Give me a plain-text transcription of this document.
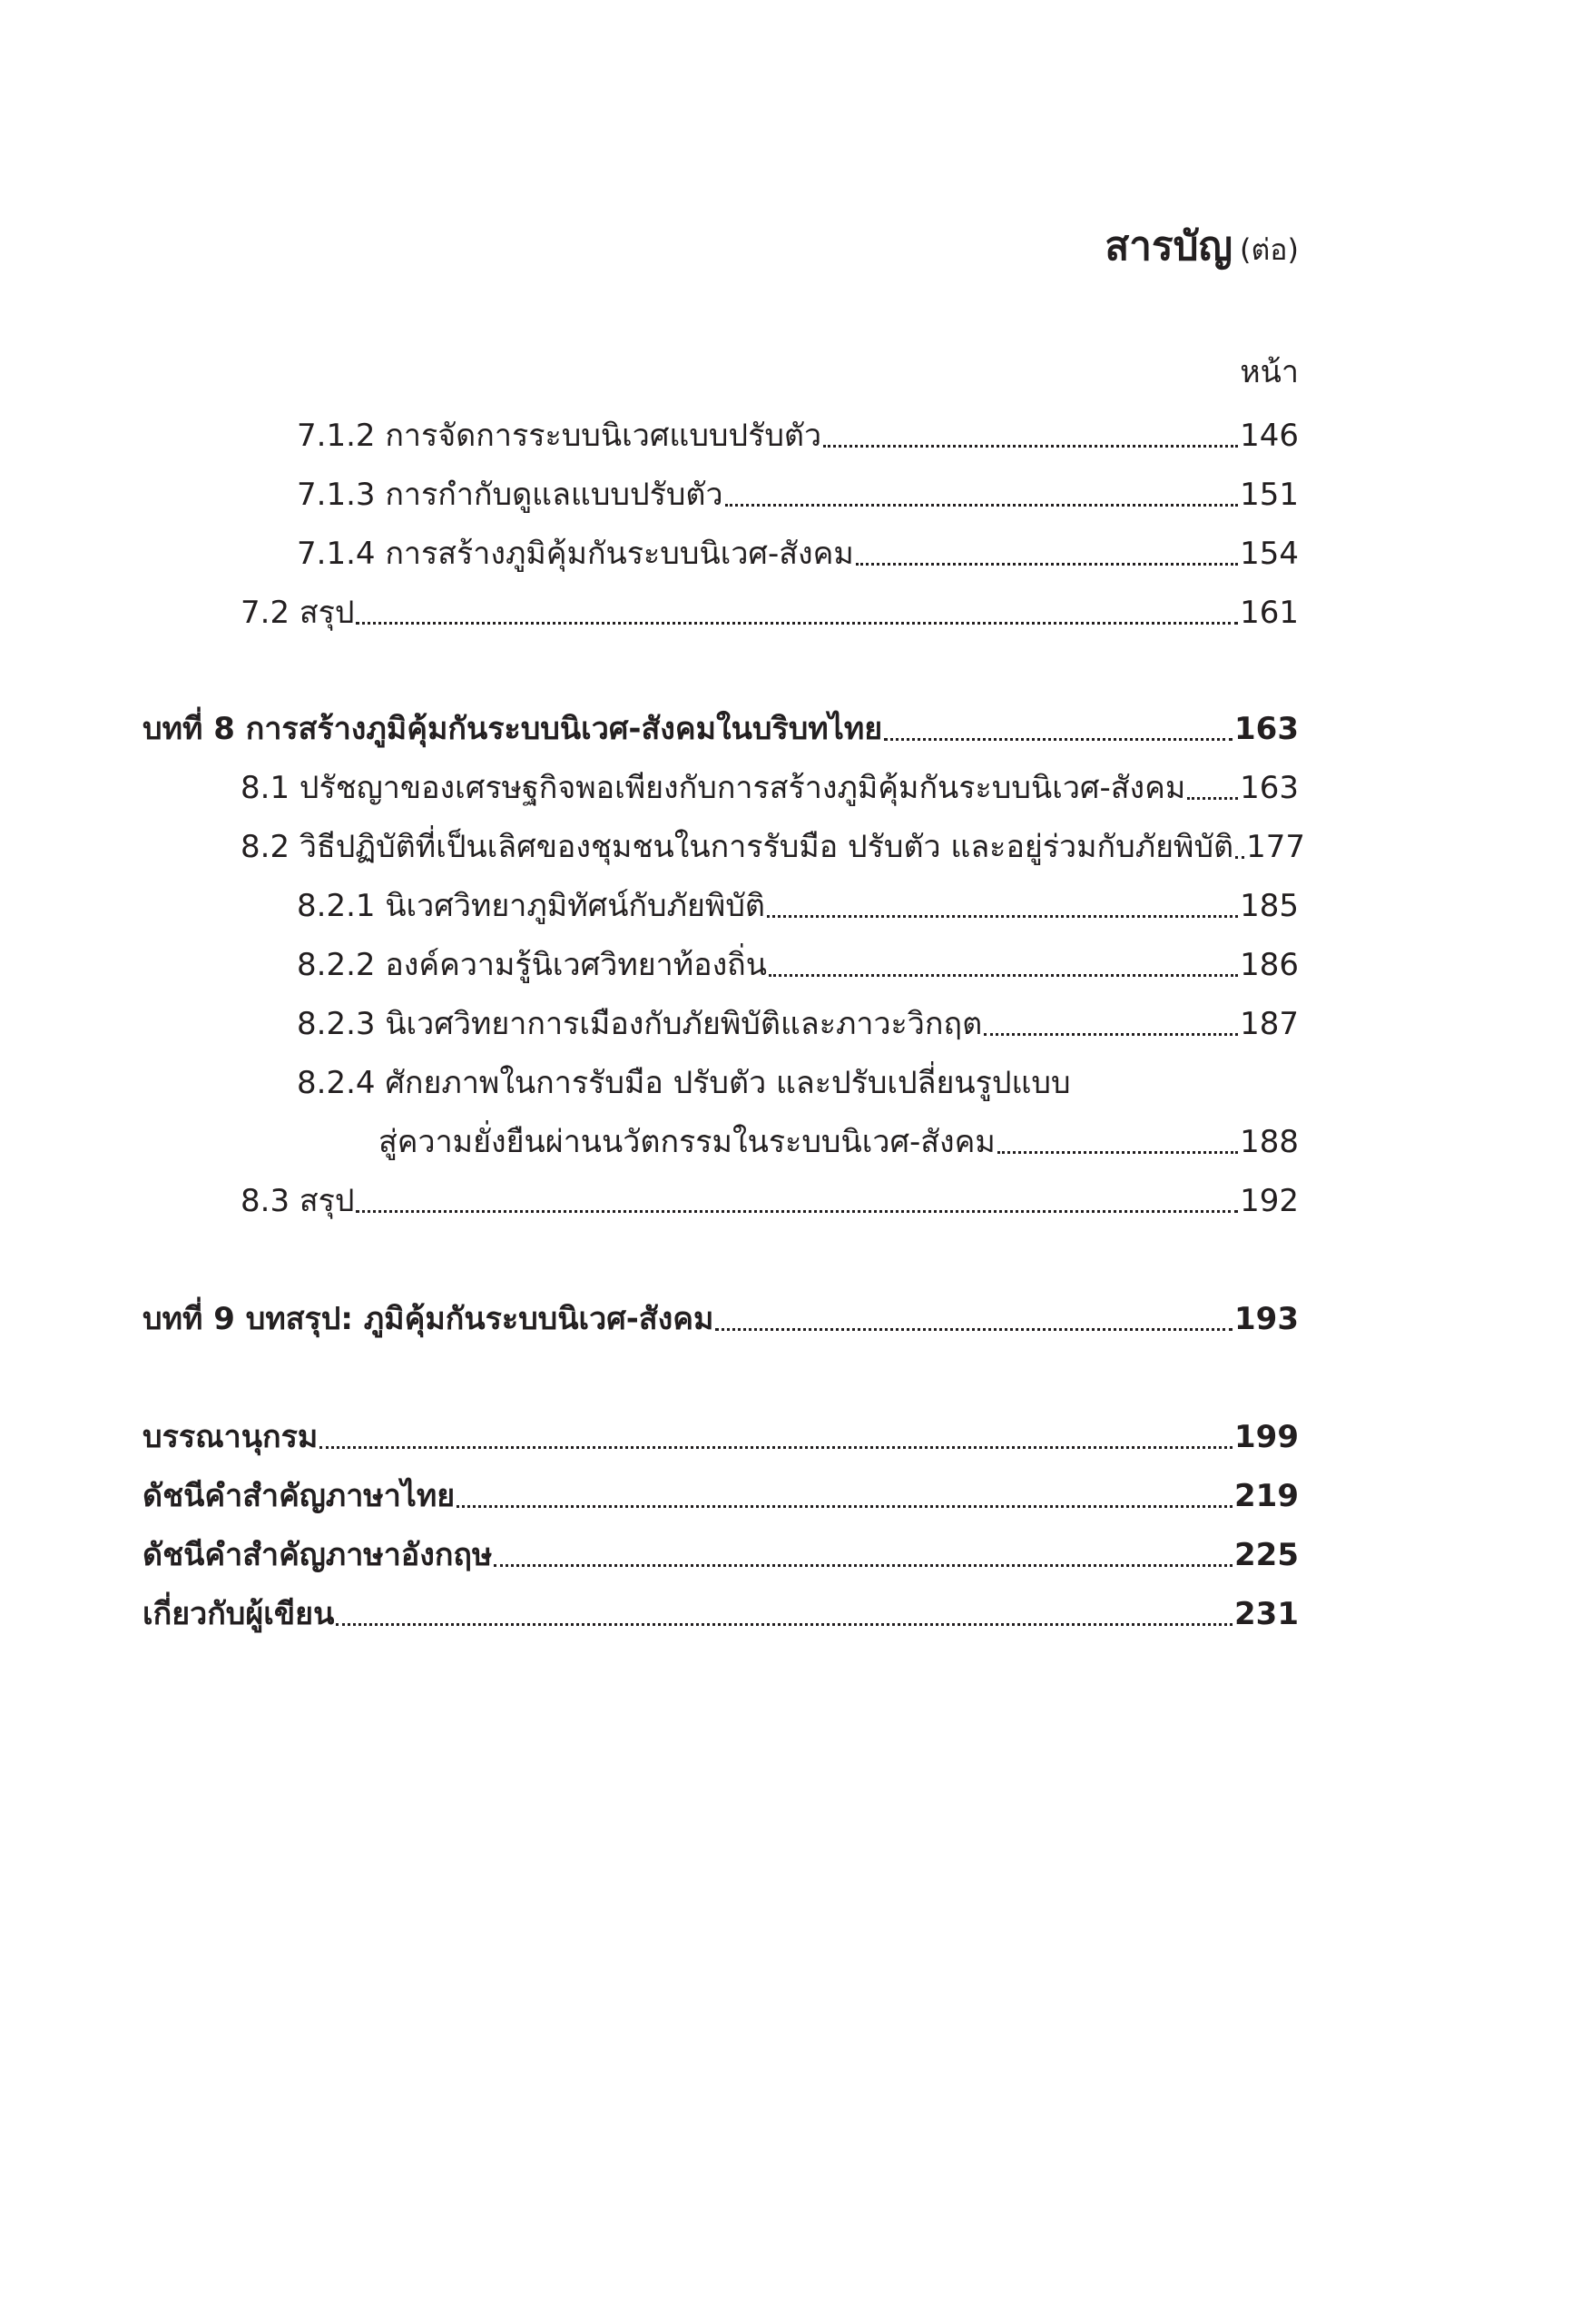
สารบัญ (ต่อ)
หน้า
7.1.2 การจัดการระบบนิเวศแบบปรับตัว	146
7.1.3 การกำกับดูแลแบบปรับตัว	151
7.1.4 การสร้างภูมิคุ้มกันระบบนิเวศ-สังคม	154
7.2 สรุป	161
บทที่ 8 การสร้างภูมิคุ้มกันระบบนิเวศ-สังคมในบริบทไทย	163
8.1 ปรัชญาของเศรษฐกิจพอเพียงกับการสร้างภูมิคุ้มกันระบบนิเวศ-สังคม 163
8.2 วิธีปฏิบัติที่เป็นเลิศของชุมชนในการรับมือ ปรับตัว และอยู่ร่วมกับภัยพิบัติ 177
8.2.1 นิเวศวิทยาภูมิทัศน์กับภัยพิบัติ	185
8.2.2 องค์ความรู้นิเวศวิทยาท้องถิ่น	186
8.2.3 นิเวศวิทยาการเมืองกับภัยพิบัติและภาวะวิกฤต	187
8.2.4 ศักยภาพในการรับมือ ปรับตัว และปรับเปลี่ยนรูปแบบ
สู่ความยั่งยืนผ่านนวัตกรรมในระบบนิเวศ-สังคม	188
8.3 สรุป	192
บทที่ 9 บทสรุป: ภูมิคุ้มกันระบบนิเวศ-สังคม	193
บรรณานุกรม	199
ดัชนีคำสำคัญภาษาไทย	219
ดัชนีคำสำคัญภาษาอังกฤษ	225
เกี่ยวกับผู้เขียน	231
